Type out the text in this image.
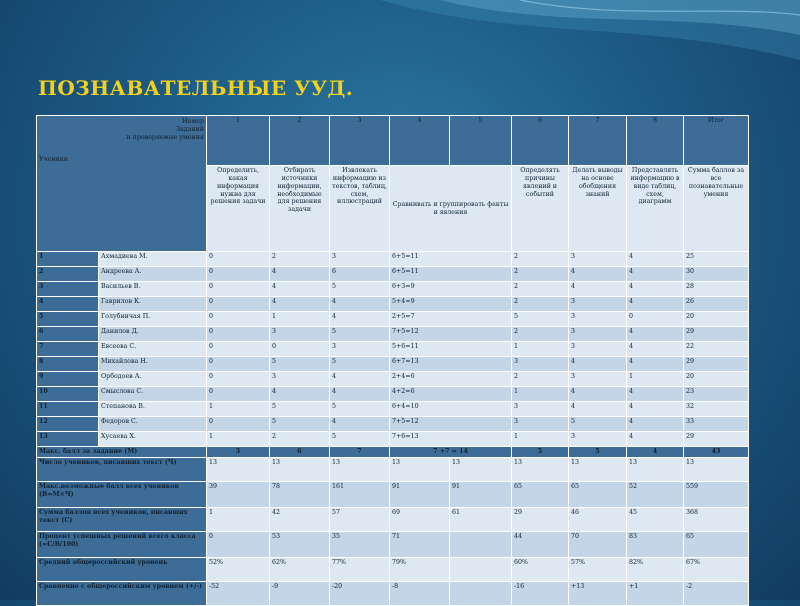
ПОЗНАВАТЕЛЬНЫЕ УУД.
Номер
Заданий
и проверяемые умения
Ученики		1	2	3	4	5	6	7	8	Итог
		Определить, какая информация нужна для решения задачи	Отбирать источники информации, необходимые для решения задачи	Извлекать информацию из текстов, таблиц, схем, иллюстраций	Сравнивать и группировать факты и явления		Определять причины явлений и событий	Делать выводы на основе обобщения знаний	Представлять информацию в виде таблиц, схем, диаграмм	Сумма баллов за все познавательные умения
1	Ахмадиева М.	0	2	3	6+5=11		2	3	4	25
2	Андреева А.	0	4	6	6+5=11		2	4	4	30
3	Васильев В.	0	4	5	6+3=9		2	4	4	28
4	Гаврилов К.	0	4	4	5+4=9		2	3	4	26
5	Голубничая П.	0	1	4	2+5=7		5	3	0	20
6	Данилов Д.	0	3	5	7+5=12		2	3	4	29
7	Евсеева С.	0	0	3	5+6=11		1	3	4	22
8	Михайлова Н.	0	5	5	6+7=13		3	4	4	29
9	Орбодоев А.	0	3	4	2+4=6		2	3	1	20
10	Смыслова С.	0	4	4	4+2=6		1	4	4	23
11	Степанова В.	1	5	5	6+4=10		3	4	4	32
12	Федоров С.	0	5	4	7+5=12		3	5	4	33
13	Хусаева Х.	1	2	5	7+6=13		1	3	4	29
Макс. балл за задание (М)		3	6	7	7 +7 = 14		5	5	4	43
Число учеников, писавших текст (Ч)		13	13	13	13	13	13	13	13	13
Макс.возможные балл всех учеников (В=М×Ч)		39	78	161	91	91	65	65	52	559
Сумма баллов всех учеников, писавших текст (С)		1	42	57	69	61	29	46	45	368
Процент успешных решений всего класса (=С/В/100)		0	53	35	71		44	70	83	65
Средний общероссийский уровень		52%	62%	77%	79%		60%	57%	82%	67%
Сравнение с общероссийским уровнем (+/-)		-52	-9	-20	-8		-16	+13	+1	-2
